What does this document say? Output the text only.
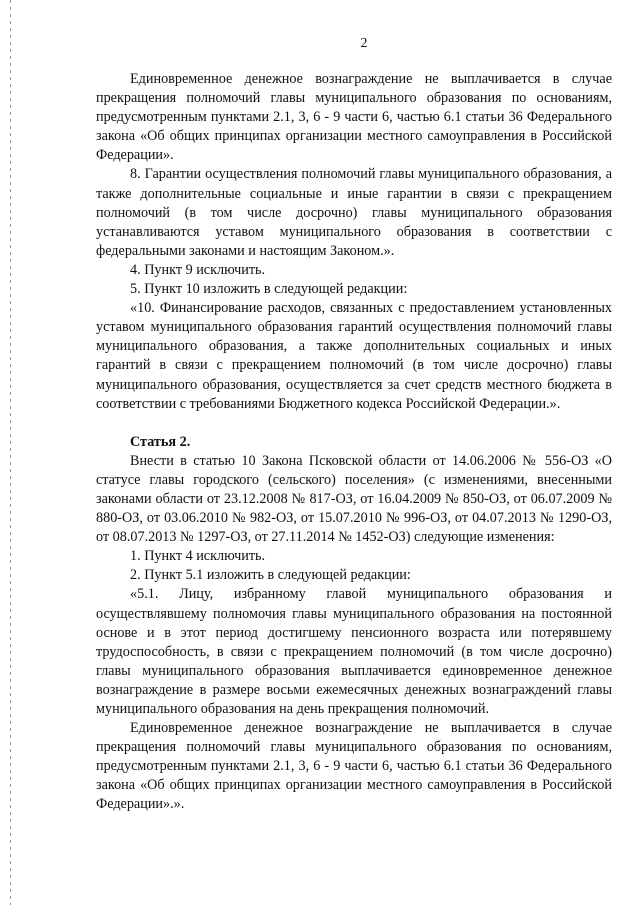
2

Единовременное денежное вознаграждение не выплачивается в случае прекращения полномочий главы муниципального образования по основаниям, предусмотренным пунктами 2.1, 3, 6 - 9 части 6, частью 6.1 статьи 36 Федерального закона «Об общих принципах организации местного самоуправления в Российской Федерации».

8. Гарантии осуществления полномочий главы муниципального образования, а также дополнительные социальные и иные гарантии в связи с прекращением полномочий (в том числе досрочно) главы муниципального образования устанавливаются уставом муниципального образования в соответствии с федеральными законами и настоящим Законом.».

4. Пункт 9 исключить.

5. Пункт 10 изложить в следующей редакции:

«10. Финансирование расходов, связанных с предоставлением установленных уставом муниципального образования гарантий осуществления полномочий главы муниципального образования, а также дополнительных социальных и иных гарантий в связи с прекращением полномочий (в том числе досрочно) главы муниципального образования, осуществляется за счет средств местного бюджета в соответствии с требованиями Бюджетного кодекса Российской Федерации.».

Статья 2.

Внести в статью 10 Закона Псковской области от 14.06.2006 № 556-ОЗ «О статусе главы городского (сельского) поселения» (с изменениями, внесенными законами области от 23.12.2008 № 817-ОЗ, от 16.04.2009 № 850-ОЗ, от 06.07.2009 № 880-ОЗ, от 03.06.2010 № 982-ОЗ, от 15.07.2010 № 996-ОЗ, от 04.07.2013 № 1290-ОЗ, от 08.07.2013 № 1297-ОЗ, от 27.11.2014 № 1452-ОЗ) следующие изменения:

1. Пункт 4 исключить.

2. Пункт 5.1 изложить в следующей редакции:

«5.1. Лицу, избранному главой муниципального образования и осуществлявшему полномочия главы муниципального образования на постоянной основе и в этот период достигшему пенсионного возраста или потерявшему трудоспособность, в связи с прекращением полномочий (в том числе досрочно) главы муниципального образования выплачивается единовременное денежное вознаграждение в размере восьми ежемесячных денежных вознаграждений главы муниципального образования на день прекращения полномочий.

Единовременное денежное вознаграждение не выплачивается в случае прекращения полномочий главы муниципального образования по основаниям, предусмотренным пунктами 2.1, 3, 6 - 9 части 6, частью 6.1 статьи 36 Федерального закона «Об общих принципах организации местного самоуправления в Российской Федерации».».
